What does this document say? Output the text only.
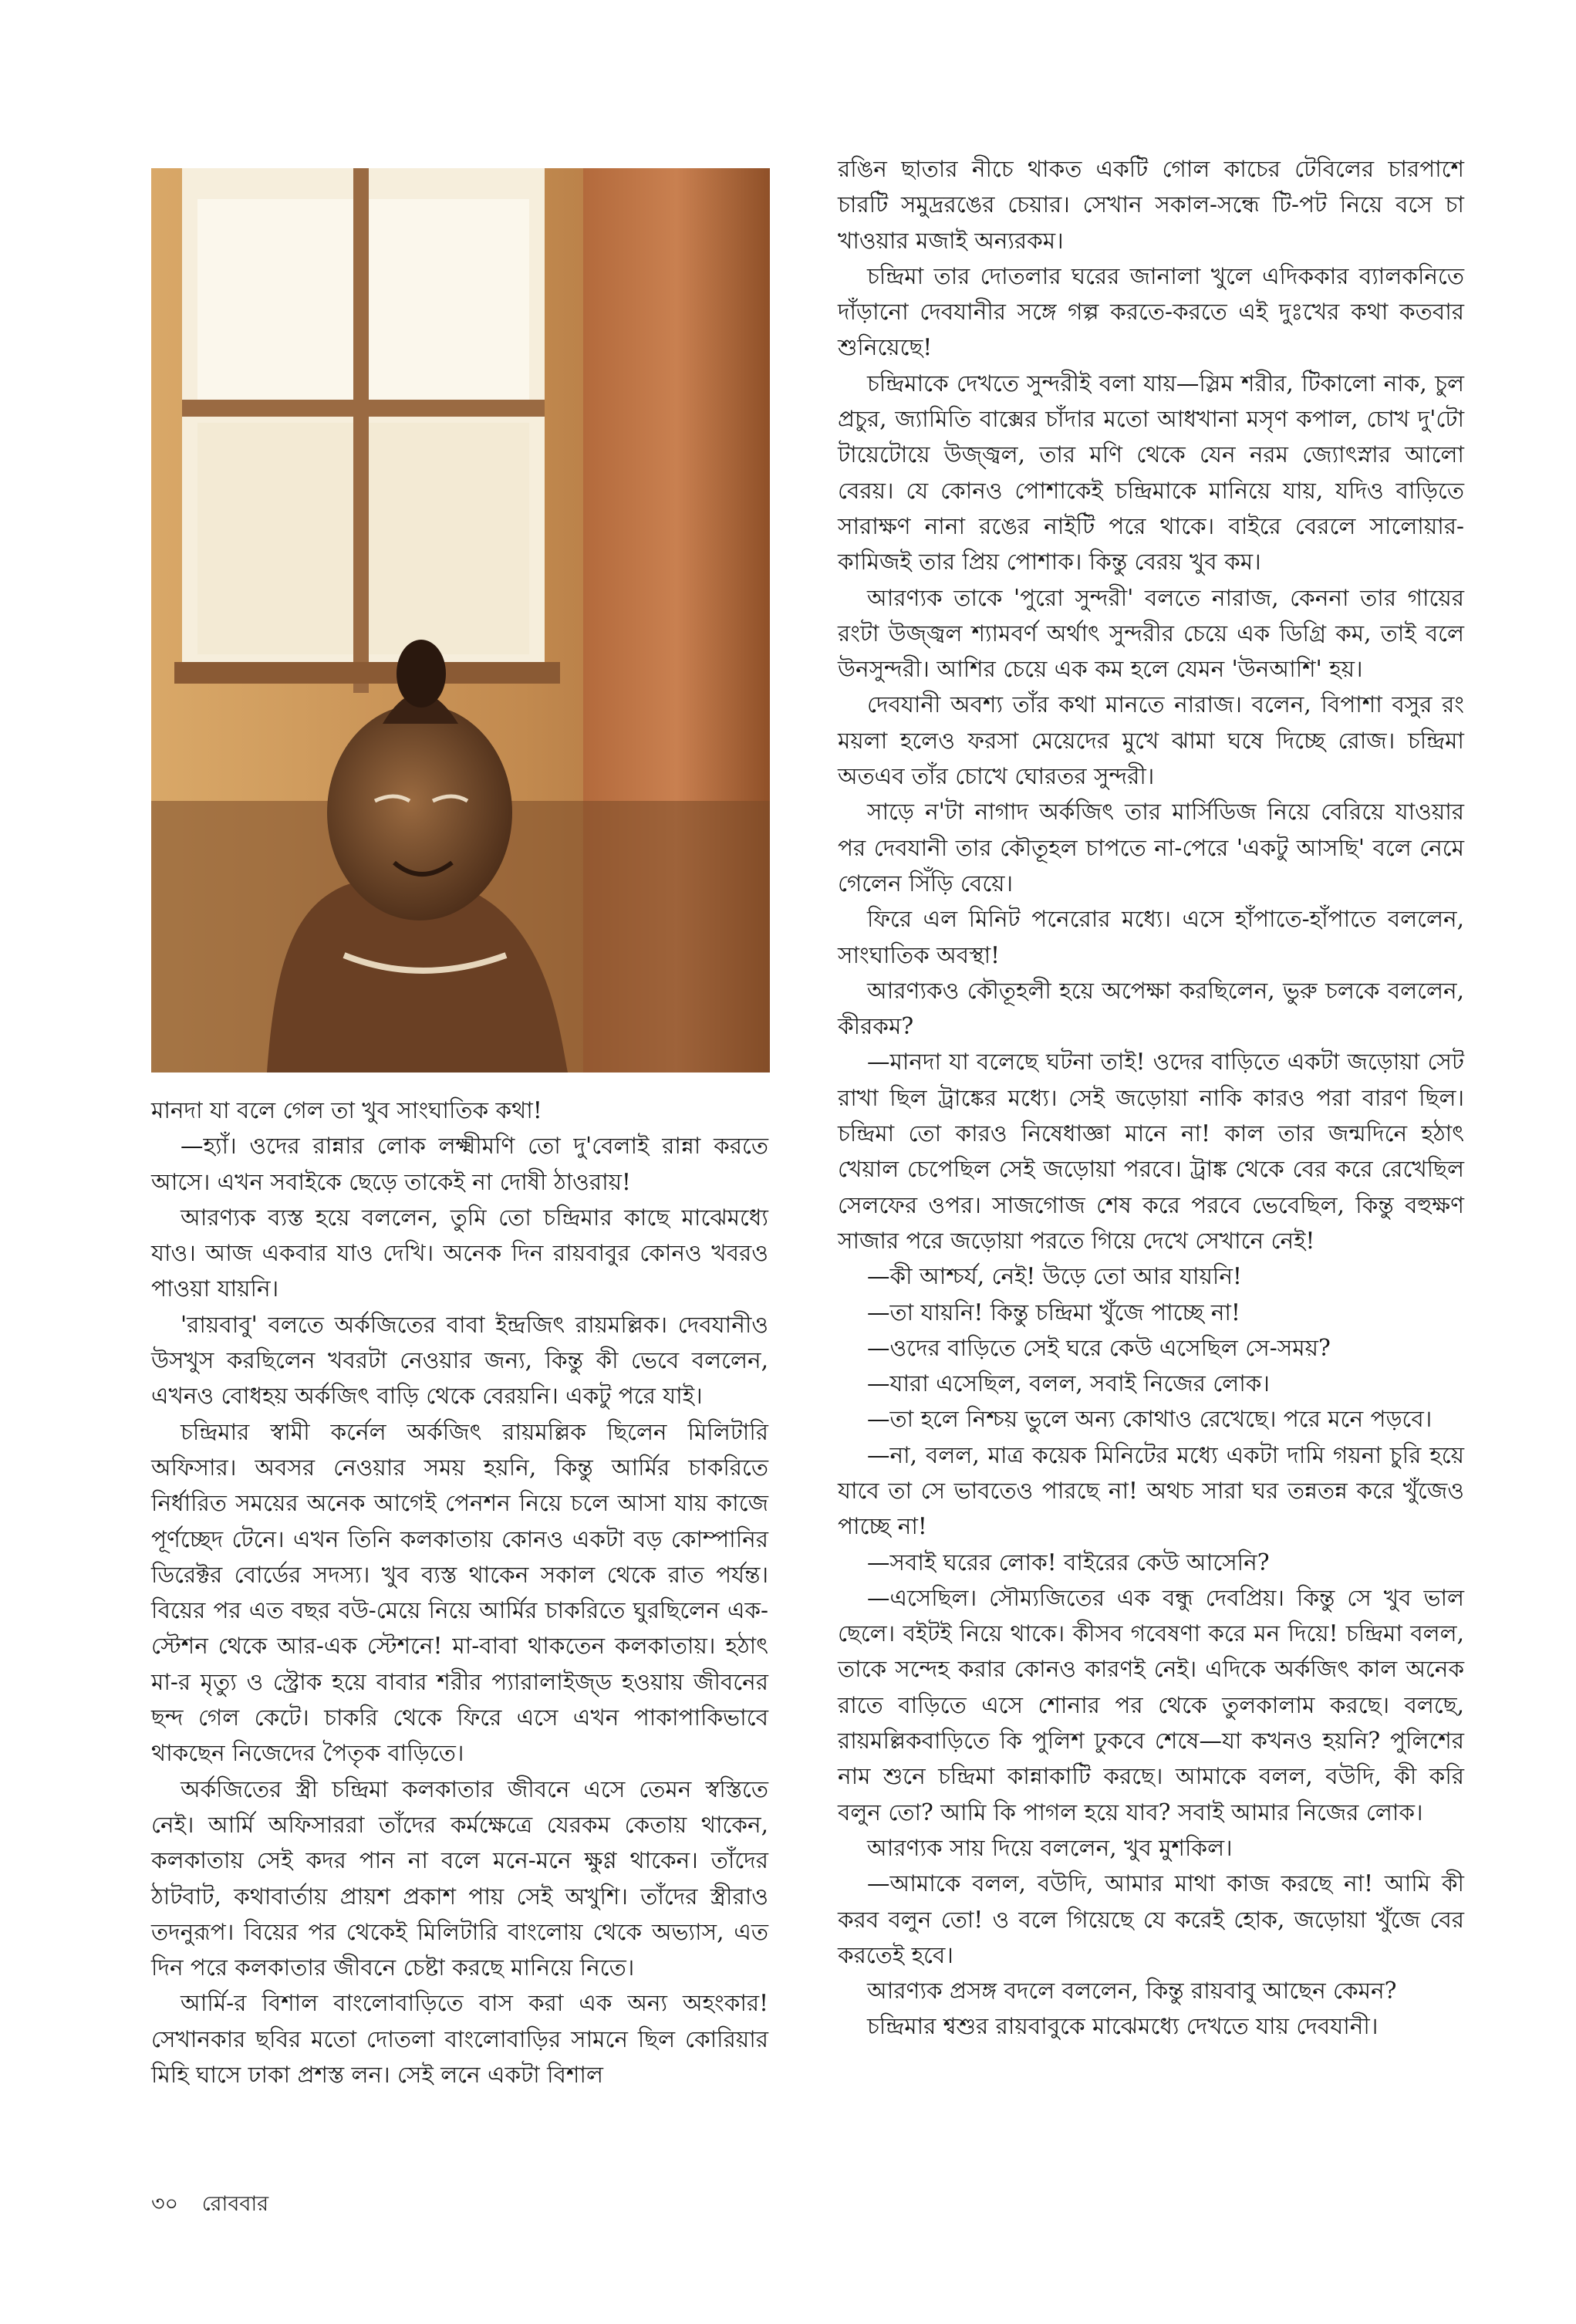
মানদা যা বলে গেল তা খুব সাংঘাতিক কথা!

—হ্যাঁ। ওদের রান্নার লোক লক্ষ্মীমণি তো দু'বেলাই রান্না করতে আসে। এখন সবাইকে ছেড়ে তাকেই না দোষী ঠাওরায়!

আরণ্যক ব্যস্ত হয়ে বললেন, তুমি তো চন্দ্রিমার কাছে মাঝেমধ্যে যাও। আজ একবার যাও দেখি। অনেক দিন রায়বাবুর কোনও খবরও পাওয়া যায়নি।

'রায়বাবু' বলতে অর্কজিতের বাবা ইন্দ্রজিৎ রায়মল্লিক। দেবযানীও উসখুস করছিলেন খবরটা নেওয়ার জন্য, কিন্তু কী ভেবে বললেন, এখনও বোধহয় অর্কজিৎ বাড়ি থেকে বেরয়নি। একটু পরে যাই।

চন্দ্রিমার স্বামী কর্নেল অর্কজিৎ রায়মল্লিক ছিলেন মিলিটারি অফিসার। অবসর নেওয়ার সময় হয়নি, কিন্তু আর্মির চাকরিতে নির্ধারিত সময়ের অনেক আগেই পেনশন নিয়ে চলে আসা যায় কাজে পূর্ণচ্ছেদ টেনে। এখন তিনি কলকাতায় কোনও একটা বড় কোম্পানির ডিরেক্টর বোর্ডের সদস্য। খুব ব্যস্ত থাকেন সকাল থেকে রাত পর্যন্ত। বিয়ের পর এত বছর বউ-মেয়ে নিয়ে আর্মির চাকরিতে ঘুরছিলেন এক-স্টেশন থেকে আর-এক স্টেশনে! মা-বাবা থাকতেন কলকাতায়। হঠাৎ মা-র মৃত্যু ও স্ট্রোক হয়ে বাবার শরীর প্যারালাইজ্‌ড হওয়ায় জীবনের ছন্দ গেল কেটে। চাকরি থেকে ফিরে এসে এখন পাকাপাকিভাবে থাকছেন নিজেদের পৈতৃক বাড়িতে।

অর্কজিতের স্ত্রী চন্দ্রিমা কলকাতার জীবনে এসে তেমন স্বস্তিতে নেই। আর্মি অফিসাররা তাঁদের কর্মক্ষেত্রে যেরকম কেতায় থাকেন, কলকাতায় সেই কদর পান না বলে মনে-মনে ক্ষুণ্ণ থাকেন। তাঁদের ঠাটবাট, কথাবার্তায় প্রায়শ প্রকাশ পায় সেই অখুশি। তাঁদের স্ত্রীরাও তদনুরূপ। বিয়ের পর থেকেই মিলিটারি বাংলোয় থেকে অভ্যাস, এত দিন পরে কলকাতার জীবনে চেষ্টা করছে মানিয়ে নিতে।

আর্মি-র বিশাল বাংলোবাড়িতে বাস করা এক অন্য অহংকার! সেখানকার ছবির মতো দোতলা বাংলোবাড়ির সামনে ছিল কোরিয়ার মিহি ঘাসে ঢাকা প্রশস্ত লন। সেই লনে একটা বিশাল

রঙিন ছাতার নীচে থাকত একটি গোল কাচের টেবিলের চারপাশে চারটি সমুদ্ররঙের চেয়ার। সেখান সকাল-সন্ধে টি-পট নিয়ে বসে চা খাওয়ার মজাই অন্যরকম।

চন্দ্রিমা তার দোতলার ঘরের জানালা খুলে এদিককার ব্যালকনিতে দাঁড়ানো দেবযানীর সঙ্গে গল্প করতে-করতে এই দুঃখের কথা কতবার শুনিয়েছে!

চন্দ্রিমাকে দেখতে সুন্দরীই বলা যায়—স্লিম শরীর, টিকালো নাক, চুল প্রচুর, জ্যামিতি বাক্সের চাঁদার মতো আধখানা মসৃণ কপাল, চোখ দু'টো টায়েটোয়ে উজ্জ্বল, তার মণি থেকে যেন নরম জ্যোৎস্নার আলো বেরয়। যে কোনও পোশাকেই চন্দ্রিমাকে মানিয়ে যায়, যদিও বাড়িতে সারাক্ষণ নানা রঙের নাইটি পরে থাকে। বাইরে বেরলে সালোয়ার-কামিজই তার প্রিয় পোশাক। কিন্তু বেরয় খুব কম।

আরণ্যক তাকে 'পুরো সুন্দরী' বলতে নারাজ, কেননা তার গায়ের রংটা উজ্জ্বল শ্যামবর্ণ অর্থাৎ সুন্দরীর চেয়ে এক ডিগ্রি কম, তাই বলে উনসুন্দরী। আশির চেয়ে এক কম হলে যেমন 'উনআশি' হয়।

দেবযানী অবশ্য তাঁর কথা মানতে নারাজ। বলেন, বিপাশা বসুর রং ময়লা হলেও ফরসা মেয়েদের মুখে ঝামা ঘষে দিচ্ছে রোজ। চন্দ্রিমা অতএব তাঁর চোখে ঘোরতর সুন্দরী।

সাড়ে ন'টা নাগাদ অর্কজিৎ তার মার্সিডিজ নিয়ে বেরিয়ে যাওয়ার পর দেবযানী তার কৌতূহল চাপতে না-পেরে 'একটু আসছি' বলে নেমে গেলেন সিঁড়ি বেয়ে।

ফিরে এল মিনিট পনেরোর মধ্যে। এসে হাঁপাতে-হাঁপাতে বললেন, সাংঘাতিক অবস্থা!

আরণ্যকও কৌতূহলী হয়ে অপেক্ষা করছিলেন, ভুরু চলকে বললেন, কীরকম?

—মানদা যা বলেছে ঘটনা তাই! ওদের বাড়িতে একটা জড়োয়া সেট রাখা ছিল ট্রাঙ্কের মধ্যে। সেই জড়োয়া নাকি কারও পরা বারণ ছিল। চন্দ্রিমা তো কারও নিষেধাজ্ঞা মানে না! কাল তার জন্মদিনে হঠাৎ খেয়াল চেপেছিল সেই জড়োয়া পরবে। ট্রাঙ্ক থেকে বের করে রেখেছিল সেলফের ওপর। সাজগোজ শেষ করে পরবে ভেবেছিল, কিন্তু বহুক্ষণ সাজার পরে জড়োয়া পরতে গিয়ে দেখে সেখানে নেই!

—কী আশ্চর্য, নেই! উড়ে তো আর যায়নি!

—তা যায়নি! কিন্তু চন্দ্রিমা খুঁজে পাচ্ছে না!

—ওদের বাড়িতে সেই ঘরে কেউ এসেছিল সে-সময়?

—যারা এসেছিল, বলল, সবাই নিজের লোক।

—তা হলে নিশ্চয় ভুলে অন্য কোথাও রেখেছে। পরে মনে পড়বে।

—না, বলল, মাত্র কয়েক মিনিটের মধ্যে একটা দামি গয়না চুরি হয়ে যাবে তা সে ভাবতেও পারছে না! অথচ সারা ঘর তন্নতন্ন করে খুঁজেও পাচ্ছে না!

—সবাই ঘরের লোক! বাইরের কেউ আসেনি?

—এসেছিল। সৌম্যজিতের এক বন্ধু দেবপ্রিয়। কিন্তু সে খুব ভাল ছেলে। বইটই নিয়ে থাকে। কীসব গবেষণা করে মন দিয়ে! চন্দ্রিমা বলল, তাকে সন্দেহ করার কোনও কারণই নেই। এদিকে অর্কজিৎ কাল অনেক রাতে বাড়িতে এসে শোনার পর থেকে তুলকালাম করছে। বলছে, রায়মল্লিকবাড়িতে কি পুলিশ ঢুকবে শেষে—যা কখনও হয়নি? পুলিশের নাম শুনে চন্দ্রিমা কান্নাকাটি করছে। আমাকে বলল, বউদি, কী করি বলুন তো? আমি কি পাগল হয়ে যাব? সবাই আমার নিজের লোক।

আরণ্যক সায় দিয়ে বললেন, খুব মুশকিল।

—আমাকে বলল, বউদি, আমার মাথা কাজ করছে না! আমি কী করব বলুন তো! ও বলে গিয়েছে যে করেই হোক, জড়োয়া খুঁজে বের করতেই হবে।

আরণ্যক প্রসঙ্গ বদলে বললেন, কিন্তু রায়বাবু আছেন কেমন?

চন্দ্রিমার শ্বশুর রায়বাবুকে মাঝেমধ্যে দেখতে যায় দেবযানী।

৩০ রোববার
